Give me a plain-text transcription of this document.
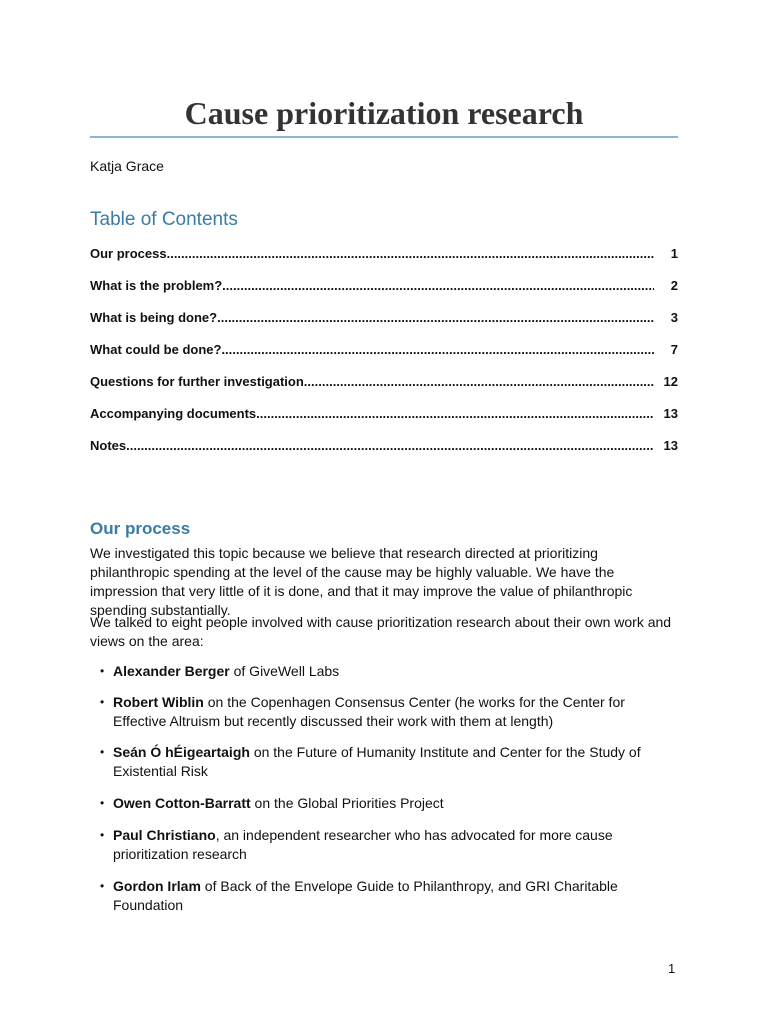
Cause prioritization research
Katja Grace
Table of Contents
Our process .....	1
What is the problem? .....	2
What is being done? .....	3
What could be done? .....	7
Questions for further investigation .....	12
Accompanying documents .....	13
Notes .....	13
Our process

We investigated this topic because we believe that research directed at prioritizing philanthropic spending at the level of the cause may be highly valuable. We have the impression that very little of it is done, and that it may improve the value of philanthropic spending substantially.

We talked to eight people involved with cause prioritization research about their own work and views on the area:

• Alexander Berger of GiveWell Labs
• Robert Wiblin on the Copenhagen Consensus Center (he works for the Center for Effective Altruism but recently discussed their work with them at length)
• Seán Ó hÉigeartaigh on the Future of Humanity Institute and Center for the Study of Existential Risk
• Owen Cotton-Barratt on the Global Priorities Project
• Paul Christiano, an independent researcher who has advocated for more cause prioritization research
• Gordon Irlam of Back of the Envelope Guide to Philanthropy, and GRI Charitable Foundation
1
